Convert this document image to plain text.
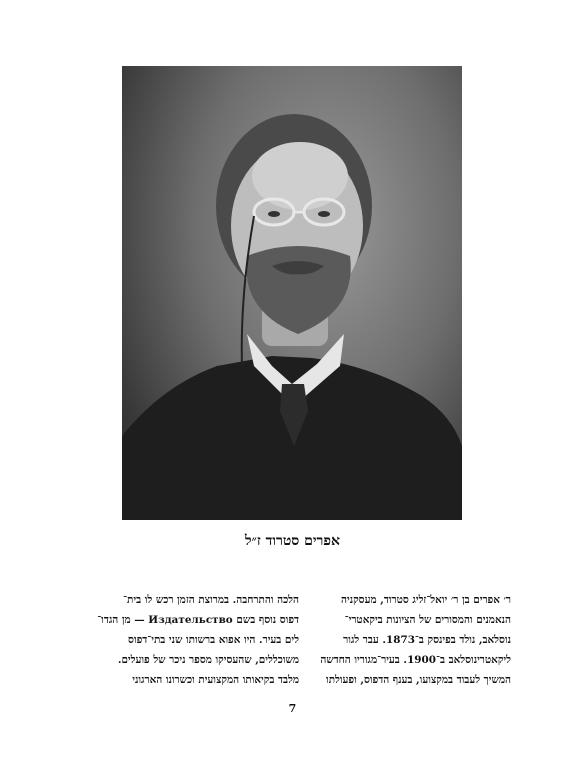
אפרים סטרוד ז״ל
ר׳ אפרים בן ר׳ יואל־זליג סטרוד, מעסקניה
הנאמנים והמסורים של הציונות ביקאטרי־
נוסלאב, נולד בפינסק ב־1873. עבר לגור
ליקאטרינוסלאב ב־1900. בעיר־מגוריו החדשה
המשיך לעבוד במקצועו, בענף הדפוס, ופעולתו
הלכה והתרחבה. במרוצת הזמן רכש לו בית־
דפוס נוסף בשם Издательство — מן הגדו־
לים בעיר. היו אפוא ברשותו שני בתי־דפוס
משוכללים, שהעסיקו מספר ניכר של פועלים.
מלבד בקיאותו המקצועית וכשרונו הארגוני
7
